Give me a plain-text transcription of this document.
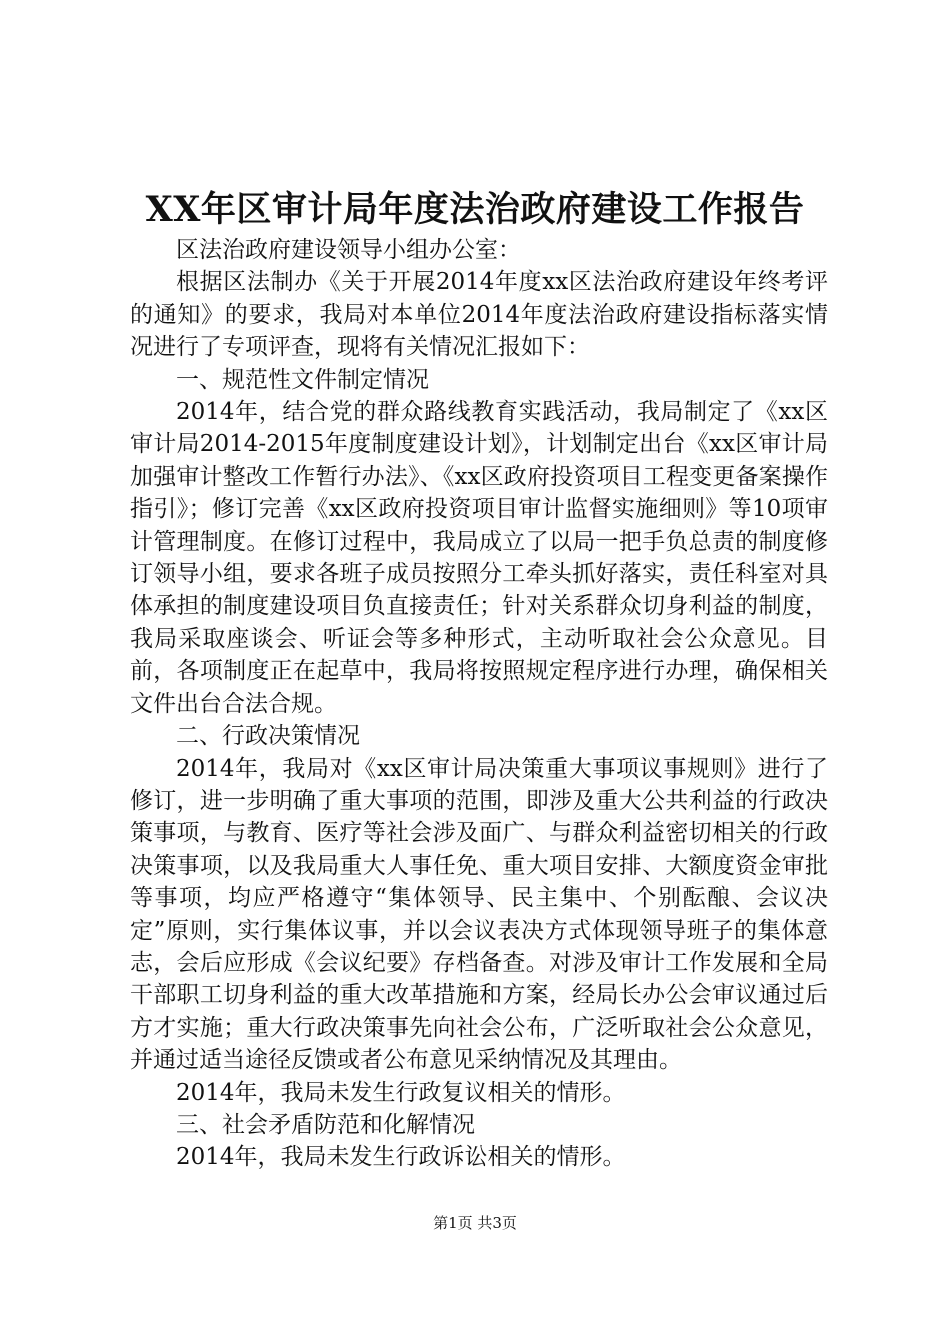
XX年区审计局年度法治政府建设工作报告

区法治政府建设领导小组办公室：

根据区法制办《关于开展2014年度xx区法治政府建设年终考评的通知》的要求，我局对本单位2014年度法治政府建设指标落实情况进行了专项评查，现将有关情况汇报如下：

一、规范性文件制定情况

2014年，结合党的群众路线教育实践活动，我局制定了《xx区审计局2014-2015年度制度建设计划》，计划制定出台《xx区审计局加强审计整改工作暂行办法》、《xx区政府投资项目工程变更备案操作指引》；修订完善《xx区政府投资项目审计监督实施细则》等10项审计管理制度。在修订过程中，我局成立了以局一把手负总责的制度修订领导小组，要求各班子成员按照分工牵头抓好落实，责任科室对具体承担的制度建设项目负直接责任；针对关系群众切身利益的制度，我局采取座谈会、听证会等多种形式，主动听取社会公众意见。目前，各项制度正在起草中，我局将按照规定程序进行办理，确保相关文件出台合法合规。

二、行政决策情况

2014年，我局对《xx区审计局决策重大事项议事规则》进行了修订，进一步明确了重大事项的范围，即涉及重大公共利益的行政决策事项，与教育、医疗等社会涉及面广、与群众利益密切相关的行政决策事项，以及我局重大人事任免、重大项目安排、大额度资金审批等事项，均应严格遵守“集体领导、民主集中、个别酝酿、会议决定”原则，实行集体议事，并以会议表决方式体现领导班子的集体意志，会后应形成《会议纪要》存档备查。对涉及审计工作发展和全局干部职工切身利益的重大改革措施和方案，经局长办公会审议通过后方才实施；重大行政决策事先向社会公布，广泛听取社会公众意见，并通过适当途径反馈或者公布意见采纳情况及其理由。

2014年，我局未发生行政复议相关的情形。

三、社会矛盾防范和化解情况

2014年，我局未发生行政诉讼相关的情形。

第1页 共3页
